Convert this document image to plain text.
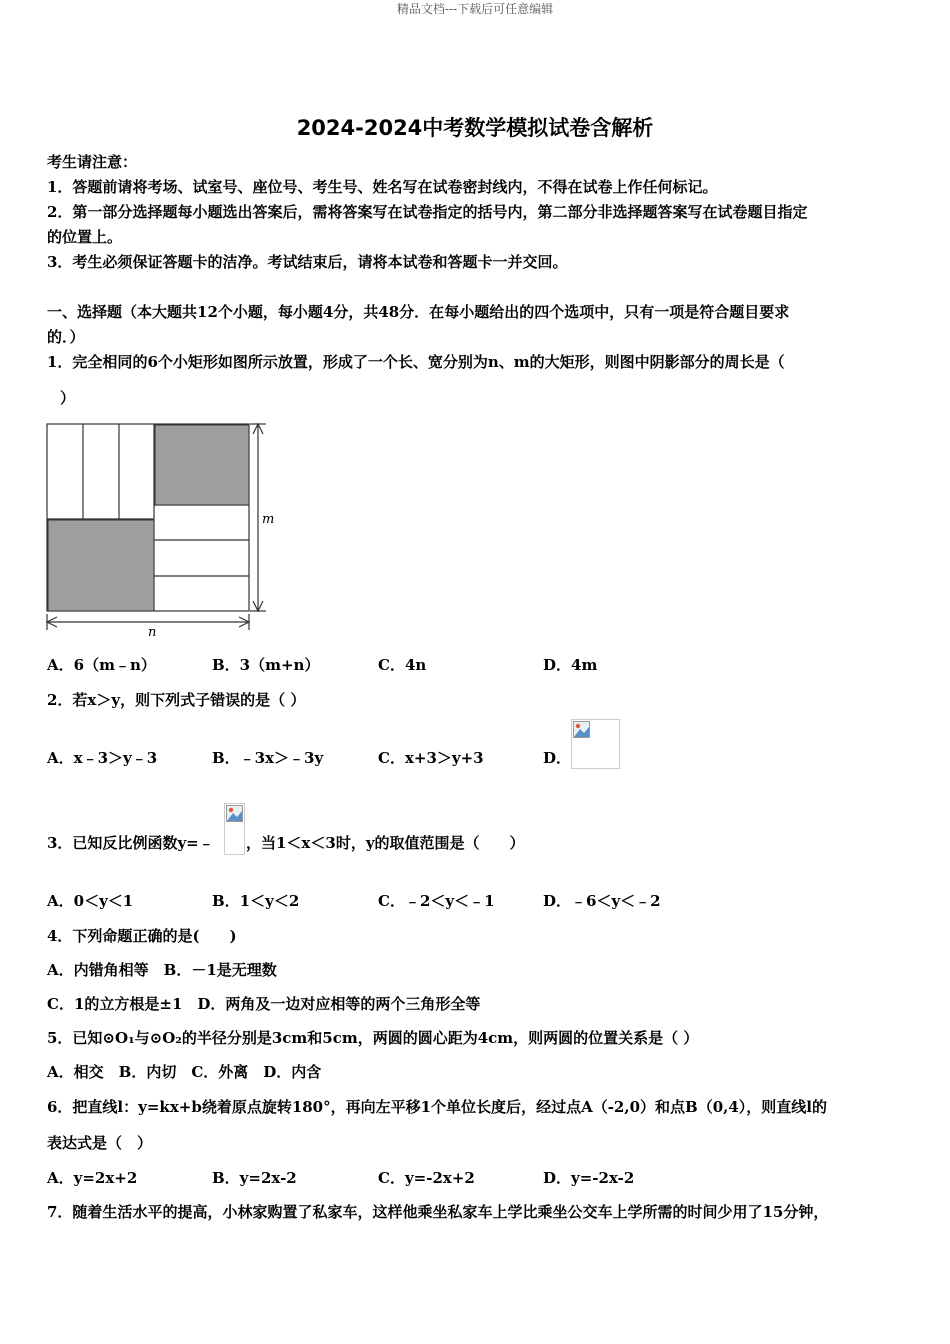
精品文档---下载后可任意编辑
2024-2024中考数学模拟试卷含解析
考生请注意：
1．答题前请将考场、试室号、座位号、考生号、姓名写在试卷密封线内，不得在试卷上作任何标记。
2．第一部分选择题每小题选出答案后，需将答案写在试卷指定的括号内，第二部分非选择题答案写在试卷题目指定
的位置上。
3．考生必须保证答题卡的洁净。考试结束后，请将本试卷和答题卡一并交回。
一、选择题（本大题共12个小题，每小题4分，共48分．在每小题给出的四个选项中，只有一项是符合题目要求
的．）
1．完全相同的6个小矩形如图所示放置，形成了一个长、宽分别为n、m的大矩形，则图中阴影部分的周长是（
）
m
n
A．6（m﹣n）	B．3（m+n）	C．4n	D．4m
2．若x＞y，则下列式子错误的是（ ）
A．x﹣3＞y﹣3	B．﹣3x＞﹣3y	C．x+3＞y+3	D．
3．已知反比例函数y=﹣ ，当1＜x＜3时，y的取值范围是（　　）
A．0＜y＜1	B．1＜y＜2	C．﹣2＜y＜﹣1	D．﹣6＜y＜﹣2
4．下列命题正确的是(　　)
A．内错角相等　B．－1是无理数
C．1的立方根是±1　D．两角及一边对应相等的两个三角形全等
5．已知⊙O₁与⊙O₂的半径分别是3cm和5cm，两圆的圆心距为4cm，则两圆的位置关系是（ ）
A．相交　B．内切　C．外离　D．内含
6．把直线l：y=kx+b绕着原点旋转180°，再向左平移1个单位长度后，经过点A（-2,0）和点B（0,4），则直线l的
表达式是（　）
A．y=2x+2	B．y=2x-2	C．y=-2x+2	D．y=-2x-2
7．随着生活水平的提高，小林家购置了私家车，这样他乘坐私家车上学比乘坐公交车上学所需的时间少用了15分钟，
